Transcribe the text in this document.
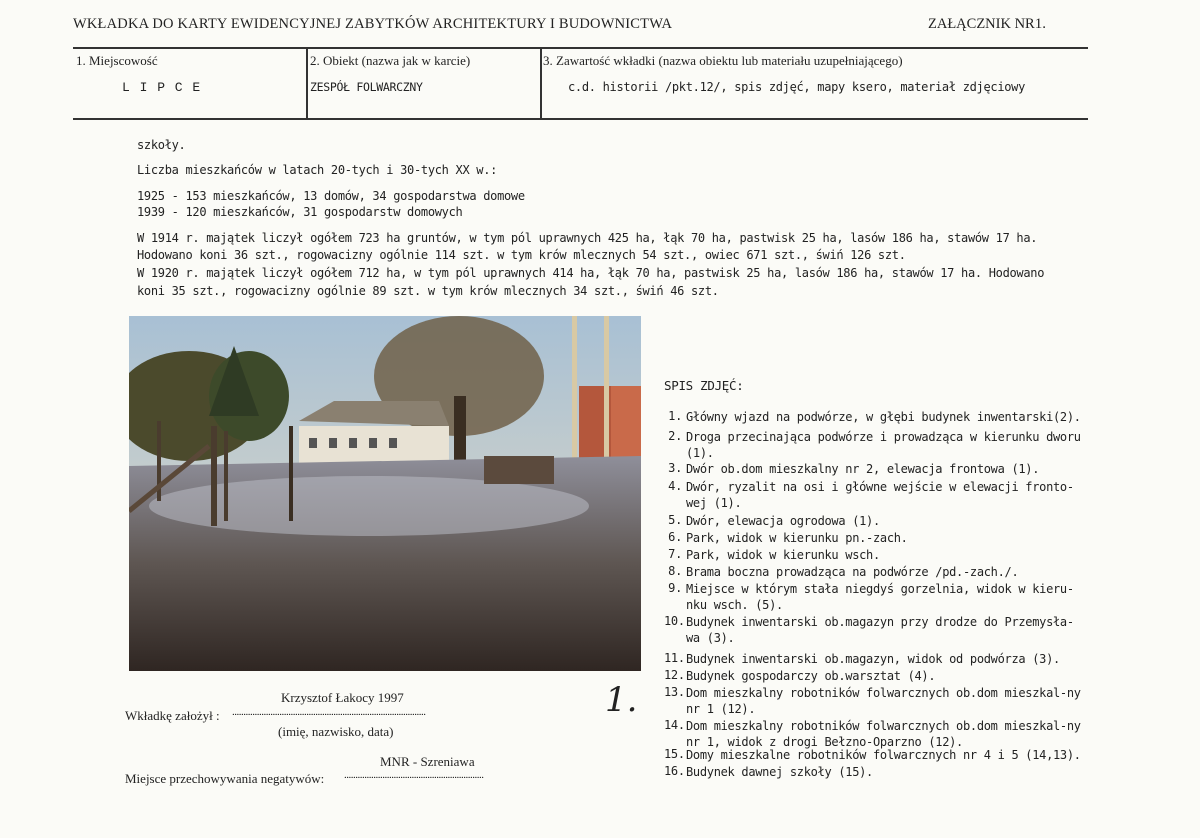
WKŁADKA DO KARTY EWIDENCYJNEJ ZABYTKÓW ARCHITEKTURY I BUDOWNICTWA	ZAŁĄCZNIK NR1.
1. Miejscowość
L I P C E
2. Obiekt (nazwa jak w karcie)
ZESPÓŁ FOLWARCZNY
3. Zawartość wkładki (nazwa obiektu lub materiału uzupełniającego)
c.d. historii /pkt.12/, spis zdjęć, mapy ksero, materiał zdjęciowy
szkoły.
Liczba mieszkańców w latach 20-tych i 30-tych XX w.:
1925 - 153 mieszkańców, 13 domów, 34 gospodarstwa domowe
1939 - 120 mieszkańców, 31 gospodarstw domowych
W 1914 r. majątek liczył ogółem 723 ha gruntów, w tym pól uprawnych 425 ha, łąk 70 ha, pastwisk 25 ha, lasów 186 ha, stawów 17 ha.
Hodowano koni 36 szt., rogowacizny ogólnie 114 szt. w tym krów mlecznych 54 szt., owiec 671 szt., świń 126 szt.
W 1920 r. majątek liczył ogółem 712 ha, w tym pól uprawnych 414 ha, łąk 70 ha, pastwisk 25 ha, lasów 186 ha, stawów 17 ha. Hodowano
koni 35 szt., rogowacizny ogólnie 89 szt. w tym krów mlecznych 34 szt., świń 46 szt.
SPIS ZDJĘĆ:
1. Główny wjazd na podwórze, w głębi budynek inwentarski(2).
2. Droga przecinająca podwórze i prowadząca w kierunku dworu (1).
3. Dwór ob.dom mieszkalny nr 2, elewacja frontowa (1).
4. Dwór, ryzalit na osi i główne wejście w elewacji fronto-wej (1).
5. Dwór, elewacja ogrodowa (1).
6. Park, widok w kierunku pn.-zach.
7. Park, widok w kierunku wsch.
8. Brama boczna prowadząca na podwórze /pd.-zach./.
9. Miejsce w którym stała niegdyś gorzelnia, widok w kieru-nku wsch. (5).
10. Budynek inwentarski ob.magazyn przy drodze do Przemysła-wa (3).
11. Budynek inwentarski ob.magazyn, widok od podwórza (3).
12. Budynek gospodarczy ob.warsztat (4).
13. Dom mieszkalny robotników folwarcznych ob.dom mieszkal-ny nr 1 (12).
14. Dom mieszkalny robotników folwarcznych ob.dom mieszkal-ny nr 1, widok z drogi Bełzno-Oparzno (12).
15. Domy mieszkalne robotników folwarcznych nr 4 i 5 (14,13).
16. Budynek dawnej szkoły (15).
Krzysztof Łakocy 1997
Wkładkę założył : ......................................................................................
(imię, nazwisko, data)
MNR - Szreniawa
Miejsce przechowywania negatywów: ..............................................................
1.
